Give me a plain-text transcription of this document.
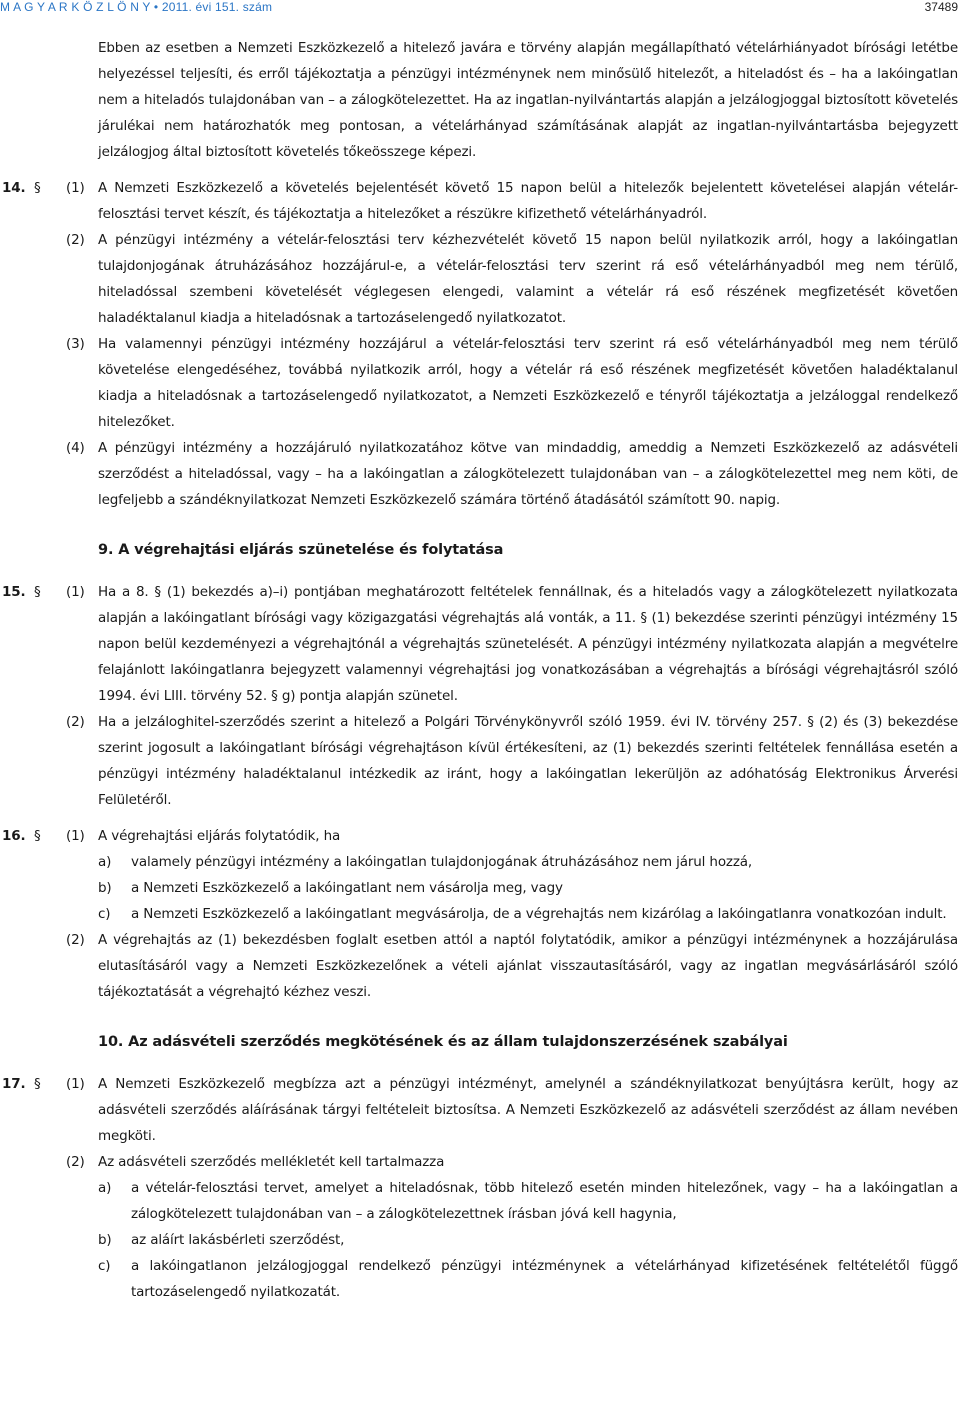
M A G Y A R K Ö Z L Ö N Y • 2011. évi 151. szám	37489
Ebben az esetben a Nemzeti Eszközkezelő a hitelező javára e törvény alapján megállapítható vételárhiányadot bírósági letétbe helyezéssel teljesíti, és erről tájékoztatja a pénzügyi intézménynek nem minősülő hitelezőt, a hiteladóst és – ha a lakóingatlan nem a hiteladós tulajdonában van – a zálogkötelezettet. Ha az ingatlan-nyilvántartás alapján a jelzálogjoggal biztosított követelés járulékai nem határozhatók meg pontosan, a vételárhányad számításának alapját az ingatlan-nyilvántartásba bejegyzett jelzálogjog által biztosított követelés tőkeösszege képezi.
14. § (1) A Nemzeti Eszközkezelő a követelés bejelentését követő 15 napon belül a hitelezők bejelentett követelései alapján vételár-felosztási tervet készít, és tájékoztatja a hitelezőket a részükre kifizethető vételárhányadról.
(2) A pénzügyi intézmény a vételár-felosztási terv kézhezvételét követő 15 napon belül nyilatkozik arról, hogy a lakóingatlan tulajdonjogának átruházásához hozzájárul-e, a vételár-felosztási terv szerint rá eső vételárhányadból meg nem térülő, hiteladóssal szembeni követelését véglegesen elengedi, valamint a vételár rá eső részének megfizetését követően haladéktalanul kiadja a hiteladósnak a tartozáselengedő nyilatkozatot.
(3) Ha valamennyi pénzügyi intézmény hozzájárul a vételár-felosztási terv szerint rá eső vételárhányadból meg nem térülő követelése elengedéséhez, továbbá nyilatkozik arról, hogy a vételár rá eső részének megfizetését követően haladéktalanul kiadja a hiteladósnak a tartozáselengedő nyilatkozatot, a Nemzeti Eszközkezelő e tényről tájékoztatja a jelzáloggal rendelkező hitelezőket.
(4) A pénzügyi intézmény a hozzájáruló nyilatkozatához kötve van mindaddig, ameddig a Nemzeti Eszközkezelő az adásvételi szerződést a hiteladóssal, vagy – ha a lakóingatlan a zálogkötelezett tulajdonában van – a zálogkötelezettel meg nem köti, de legfeljebb a szándéknyilatkozat Nemzeti Eszközkezelő számára történő átadásától számított 90. napig.
9. A végrehajtási eljárás szünetelése és folytatása
15. § (1) Ha a 8. § (1) bekezdés a)–i) pontjában meghatározott feltételek fennállnak, és a hiteladós vagy a zálogkötelezett nyilatkozata alapján a lakóingatlant bírósági vagy közigazgatási végrehajtás alá vonták, a 11. § (1) bekezdése szerinti pénzügyi intézmény 15 napon belül kezdeményezi a végrehajtónál a végrehajtás szünetelését. A pénzügyi intézmény nyilatkozata alapján a megvételre felajánlott lakóingatlanra bejegyzett valamennyi végrehajtási jog vonatkozásában a végrehajtás a bírósági végrehajtásról szóló 1994. évi LIII. törvény 52. § g) pontja alapján szünetel.
(2) Ha a jelzáloghitel-szerződés szerint a hitelező a Polgári Törvénykönyvről szóló 1959. évi IV. törvény 257. § (2) és (3) bekezdése szerint jogosult a lakóingatlant bírósági végrehajtáson kívül értékesíteni, az (1) bekezdés szerinti feltételek fennállása esetén a pénzügyi intézmény haladéktalanul intézkedik az iránt, hogy a lakóingatlan lekerüljön az adóhatóság Elektronikus Árverési Felületéről.
16. § (1) A végrehajtási eljárás folytatódik, ha
a) valamely pénzügyi intézmény a lakóingatlan tulajdonjogának átruházásához nem járul hozzá,
b) a Nemzeti Eszközkezelő a lakóingatlant nem vásárolja meg, vagy
c) a Nemzeti Eszközkezelő a lakóingatlant megvásárolja, de a végrehajtás nem kizárólag a lakóingatlanra vonatkozóan indult.
(2) A végrehajtás az (1) bekezdésben foglalt esetben attól a naptól folytatódik, amikor a pénzügyi intézménynek a hozzájárulása elutasításáról vagy a Nemzeti Eszközkezelőnek a vételi ajánlat visszautasításáról, vagy az ingatlan megvásárlásáról szóló tájékoztatását a végrehajtó kézhez veszi.
10. Az adásvételi szerződés megkötésének és az állam tulajdonszerzésének szabályai
17. § (1) A Nemzeti Eszközkezelő megbízza azt a pénzügyi intézményt, amelynél a szándéknyilatkozat benyújtásra került, hogy az adásvételi szerződés aláírásának tárgyi feltételeit biztosítsa. A Nemzeti Eszközkezelő az adásvételi szerződést az állam nevében megköti.
(2) Az adásvételi szerződés mellékletét kell tartalmazza
a) a vételár-felosztási tervet, amelyet a hiteladósnak, több hitelező esetén minden hitelezőnek, vagy – ha a lakóingatlan a zálogkötelezett tulajdonában van – a zálogkötelezettnek írásban jóvá kell hagynia,
b) az aláírt lakásbérleti szerződést,
c) a lakóingatlanon jelzálogjoggal rendelkező pénzügyi intézménynek a vételárhányad kifizetésének feltételétől függő tartozáselengedő nyilatkozatát.
